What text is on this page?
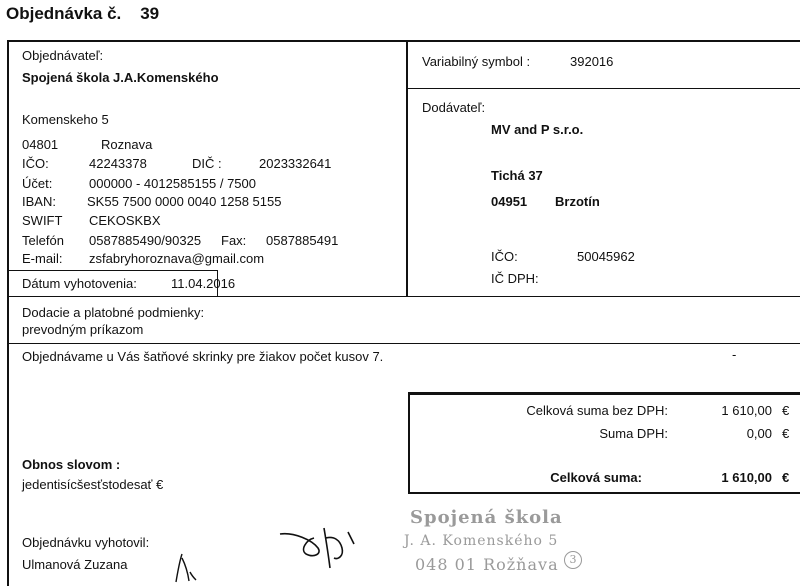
Objednávka č. 39
Objednávateľ:
Spojená škola J.A.Komenského
Komenskeho 5
04801	Roznava
IČO:	42243378	DIČ :	2023332641
Účet:	000000 - 4012585155 / 7500
IBAN: SK55 7500 0000 0040 1258 5155
SWIFT CEKOSKBX
Telefón 0587885490/90325 Fax: 0587885491
E-mail: zsfabryhoroznava@gmail.com
Dátum vyhotovenia:	11.04.2016
Variabilný symbol :	392016
Dodávateľ:
MV and P s.r.o.
Tichá 37
04951 Brzotín
IČO:	50045962
IČ DPH:
Dodacie a platobné podmienky:
prevodným príkazom
Objednávame u Vás šatňové skrinky pre žiakov počet kusov 7.	-
Celková suma bez DPH:	1 610,00 €
Suma DPH:	0,00 €
Celková suma:	1 610,00 €
Obnos slovom :
jedentisícšesťstodesať €
Objednávku vyhotovil:
Ulmanová Zuzana
Spojená škola
J. A. Komenského 5
048 01 Rožňava 3
